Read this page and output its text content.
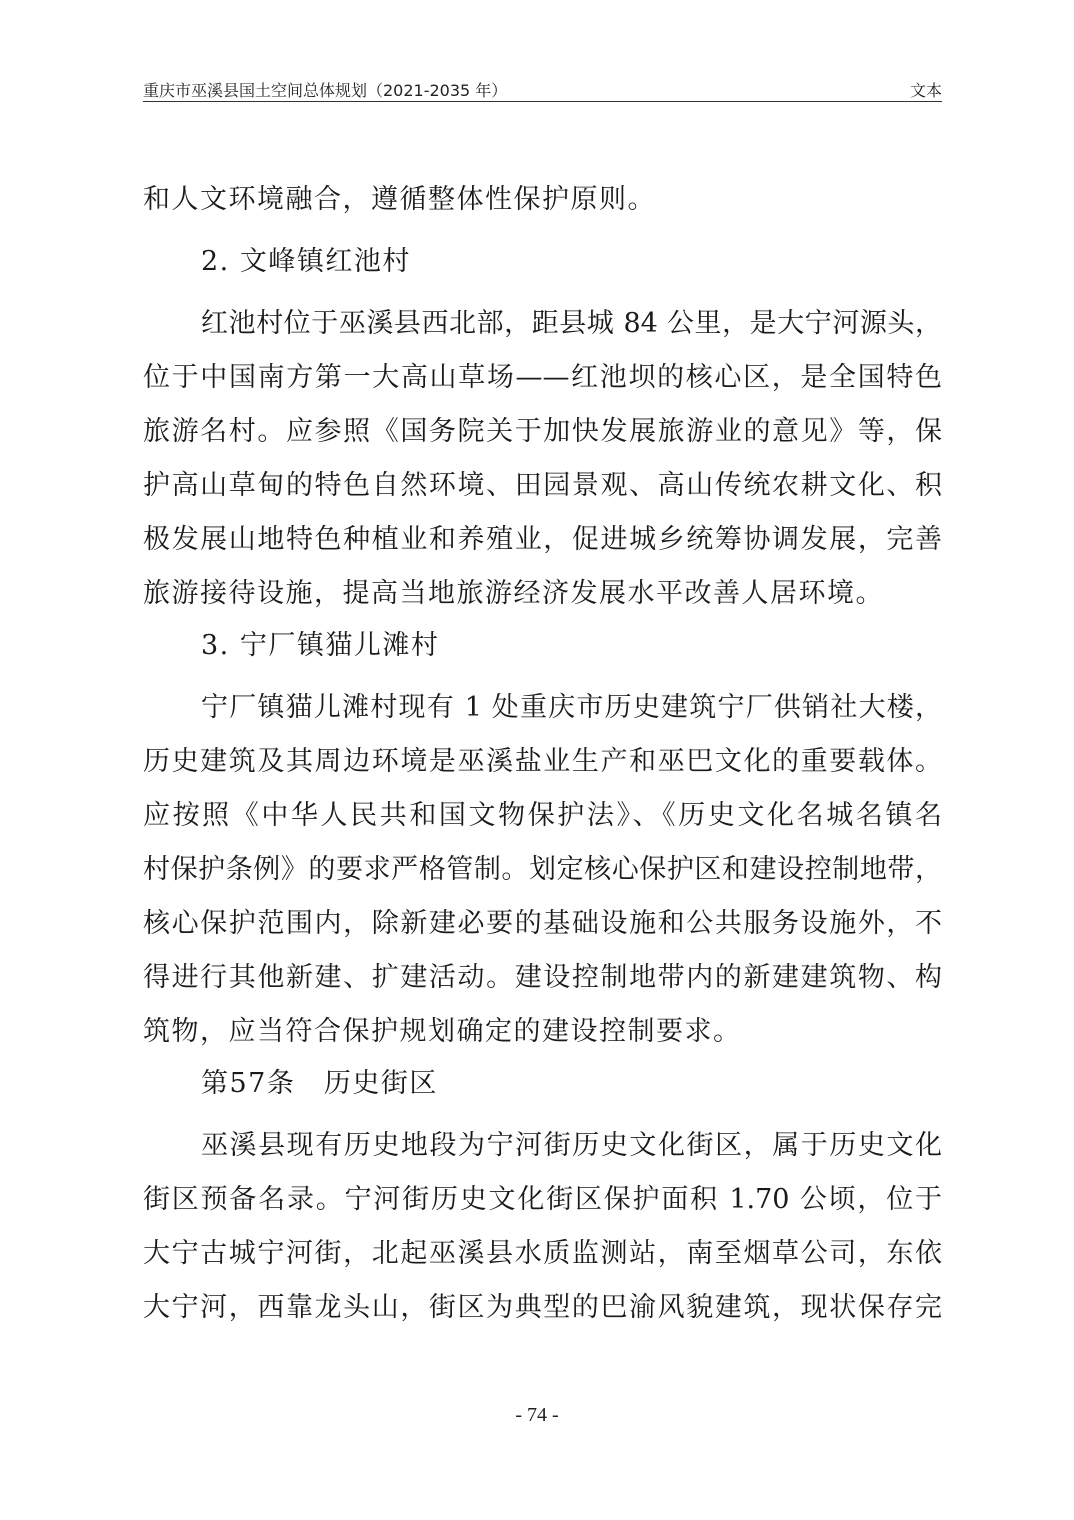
重庆市巫溪县国土空间总体规划（2021-2035 年）	文本
和人文环境融合，遵循整体性保护原则。
2. 文峰镇红池村
红池村位于巫溪县西北部，距县城 84 公里，是大宁河源头，
位于中国南方第一大高山草场——红池坝的核心区，是全国特色
旅游名村。应参照《国务院关于加快发展旅游业的意见》等，保
护高山草甸的特色自然环境、田园景观、高山传统农耕文化、积
极发展山地特色种植业和养殖业，促进城乡统筹协调发展，完善
旅游接待设施，提高当地旅游经济发展水平改善人居环境。
3. 宁厂镇猫儿滩村
宁厂镇猫儿滩村现有 1 处重庆市历史建筑宁厂供销社大楼，
历史建筑及其周边环境是巫溪盐业生产和巫巴文化的重要载体。
应按照《中华人民共和国文物保护法》、《历史文化名城名镇名
村保护条例》的要求严格管制。划定核心保护区和建设控制地带，
核心保护范围内，除新建必要的基础设施和公共服务设施外，不
得进行其他新建、扩建活动。建设控制地带内的新建建筑物、构
筑物，应当符合保护规划确定的建设控制要求。
第57条　历史街区
巫溪县现有历史地段为宁河街历史文化街区，属于历史文化
街区预备名录。宁河街历史文化街区保护面积 1.70 公顷，位于
大宁古城宁河街，北起巫溪县水质监测站，南至烟草公司，东依
大宁河，西靠龙头山，街区为典型的巴渝风貌建筑，现状保存完
- 74 -
